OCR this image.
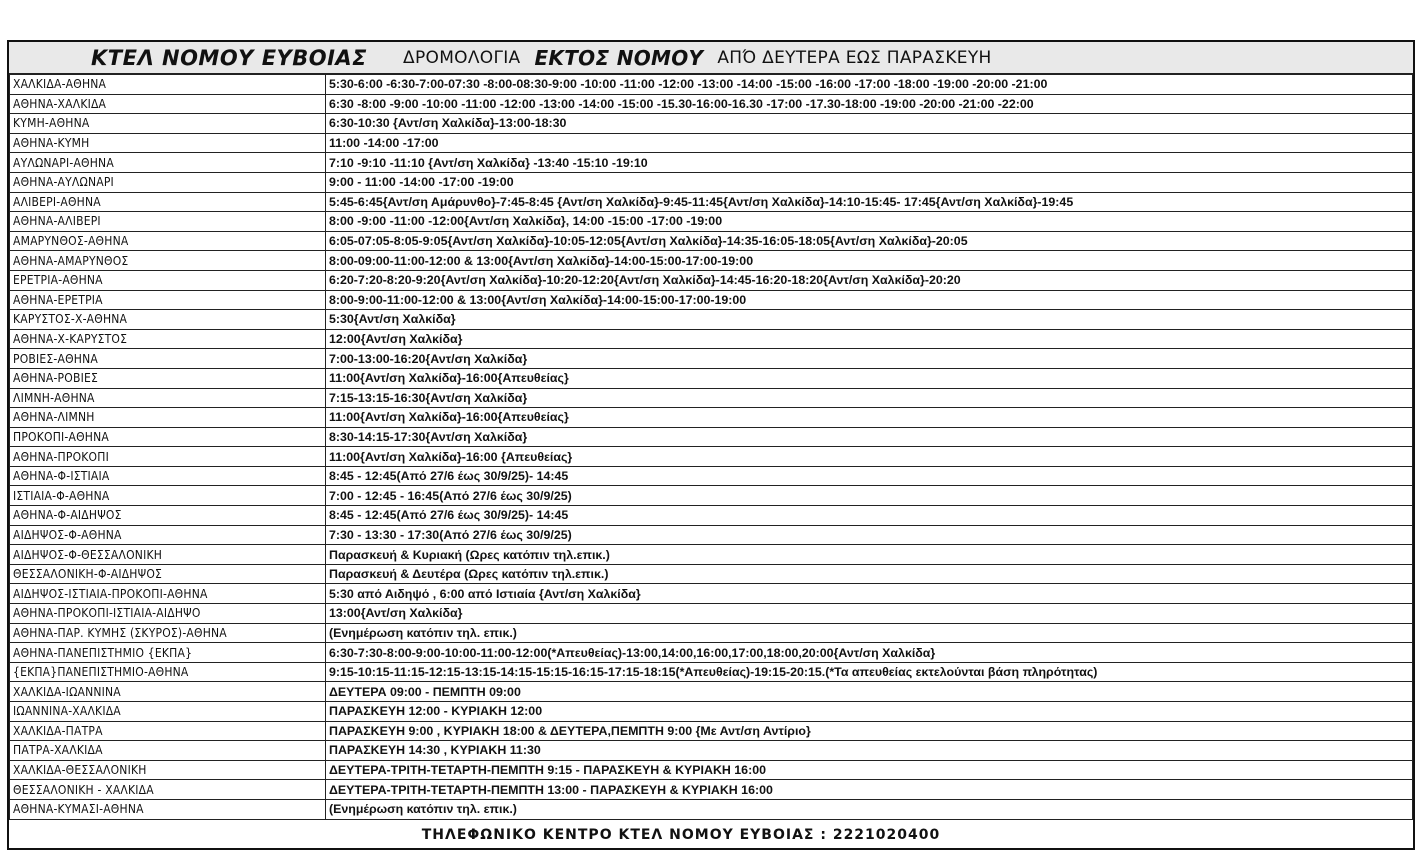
ΚΤΕΛ ΝΟΜΟΥ ΕΥΒΟΙΑΣ ΔΡΟΜΟΛΟΓΙΑ ΕΚΤΟΣ ΝΟΜΟΥ ΑΠΌ ΔΕΥΤΕΡΑ ΕΩΣ ΠΑΡΑΣΚΕΥΗ
ΧΑΛΚΙΔΑ-ΑΘΗΝΑ	5:30-6:00 -6:30-7:00-07:30 -8:00-08:30-9:00 -10:00 -11:00 -12:00 -13:00 -14:00 -15:00 -16:00 -17:00 -18:00 -19:00 -20:00 -21:00
ΑΘΗΝΑ-ΧΑΛΚΙΔΑ	6:30 -8:00 -9:00 -10:00 -11:00 -12:00 -13:00 -14:00 -15:00 -15.30-16:00-16.30 -17:00 -17.30-18:00 -19:00 -20:00 -21:00 -22:00
ΚΥΜΗ-ΑΘΗΝΑ	6:30-10:30 {Αντ/ση Χαλκίδα}-13:00-18:30
ΑΘΗΝΑ-ΚΥΜΗ	11:00 -14:00 -17:00
ΑΥΛΩΝΑΡΙ-ΑΘΗΝΑ	7:10 -9:10 -11:10 {Αντ/ση Χαλκίδα} -13:40 -15:10 -19:10
ΑΘΗΝΑ-ΑΥΛΩΝΑΡΙ	9:00 - 11:00 -14:00 -17:00 -19:00
ΑΛΙΒΕΡΙ-ΑΘΗΝΑ	5:45-6:45{Αντ/ση Αμάρυνθο}-7:45-8:45 {Αντ/ση Χαλκίδα}-9:45-11:45{Αντ/ση Χαλκίδα}-14:10-15:45- 17:45{Αντ/ση Χαλκίδα}-19:45
ΑΘΗΝΑ-ΑΛΙΒΕΡΙ	8:00 -9:00 -11:00 -12:00{Αντ/ση Χαλκίδα}, 14:00 -15:00 -17:00 -19:00
ΑΜΑΡΥΝΘΟΣ-ΑΘΗΝΑ	6:05-07:05-8:05-9:05{Αντ/ση Χαλκίδα}-10:05-12:05{Αντ/ση Χαλκίδα}-14:35-16:05-18:05{Αντ/ση Χαλκίδα}-20:05
ΑΘΗΝΑ-ΑΜΑΡΥΝΘΟΣ	8:00-09:00-11:00-12:00 & 13:00{Αντ/ση Χαλκίδα}-14:00-15:00-17:00-19:00
ΕΡΕΤΡΙΑ-ΑΘΗΝΑ	6:20-7:20-8:20-9:20{Αντ/ση Χαλκίδα}-10:20-12:20{Αντ/ση Χαλκίδα}-14:45-16:20-18:20{Αντ/ση Χαλκίδα}-20:20
ΑΘΗΝΑ-ΕΡΕΤΡΙΑ	8:00-9:00-11:00-12:00 & 13:00{Αντ/ση Χαλκίδα}-14:00-15:00-17:00-19:00
ΚΑΡΥΣΤΟΣ-Χ-ΑΘΗΝΑ	5:30{Αντ/ση Χαλκίδα}
ΑΘΗΝΑ-Χ-ΚΑΡΥΣΤΟΣ	12:00{Αντ/ση Χαλκίδα}
ΡΟΒΙΕΣ-ΑΘΗΝΑ	7:00-13:00-16:20{Αντ/ση Χαλκίδα}
ΑΘΗΝΑ-ΡΟΒΙΕΣ	11:00{Αντ/ση Χαλκίδα}-16:00{Απευθείας}
ΛΙΜΝΗ-ΑΘΗΝΑ	7:15-13:15-16:30{Αντ/ση Χαλκίδα}
ΑΘΗΝΑ-ΛΙΜΝΗ	11:00{Αντ/ση Χαλκίδα}-16:00{Απευθείας}
ΠΡΟΚΟΠΙ-ΑΘΗΝΑ	8:30-14:15-17:30{Αντ/ση Χαλκίδα}
ΑΘΗΝΑ-ΠΡΟΚΟΠΙ	11:00{Αντ/ση Χαλκίδα}-16:00 {Απευθείας}
ΑΘΗΝΑ-Φ-ΙΣΤΙΑΙΑ	8:45 - 12:45(Από 27/6 έως 30/9/25)- 14:45
ΙΣΤΙΑΙΑ-Φ-ΑΘΗΝΑ	7:00 - 12:45 - 16:45(Από 27/6 έως 30/9/25)
ΑΘΗΝΑ-Φ-ΑΙΔΗΨΟΣ	8:45 - 12:45(Από 27/6 έως 30/9/25)- 14:45
ΑΙΔΗΨΟΣ-Φ-ΑΘΗΝΑ	7:30 - 13:30 - 17:30(Από 27/6 έως 30/9/25)
ΑΙΔΗΨΟΣ-Φ-ΘΕΣΣΑΛΟΝΙΚΗ	Παρασκευή & Κυριακή (Ωρες κατόπιν τηλ.επικ.)
ΘΕΣΣΑΛΟΝΙΚΗ-Φ-ΑΙΔΗΨΟΣ	Παρασκευή & Δευτέρα (Ωρες κατόπιν τηλ.επικ.)
ΑΙΔΗΨΟΣ-ΙΣΤΙΑΙΑ-ΠΡΟΚΟΠΙ-ΑΘΗΝΑ	5:30 από Αιδηψό , 6:00 από Ιστιαία {Αντ/ση Χαλκίδα}
ΑΘΗΝΑ-ΠΡΟΚΟΠΙ-ΙΣΤΙΑΙΑ-ΑΙΔΗΨΟ	13:00{Αντ/ση Χαλκίδα}
ΑΘΗΝΑ-ΠΑΡ. ΚΥΜΗΣ (ΣΚΥΡΟΣ)-ΑΘΗΝΑ	(Ενημέρωση κατόπιν τηλ. επικ.)
ΑΘΗΝΑ-ΠΑΝΕΠΙΣΤΗΜΙΟ {ΕΚΠΑ}	6:30-7:30-8:00-9:00-10:00-11:00-12:00(*Απευθείας)-13:00,14:00,16:00,17:00,18:00,20:00{Αντ/ση Χαλκίδα}
{ΕΚΠΑ}ΠΑΝΕΠΙΣΤΗΜΙΟ-ΑΘΗΝΑ	9:15-10:15-11:15-12:15-13:15-14:15-15:15-16:15-17:15-18:15(*Απευθείας)-19:15-20:15.(*Τα απευθείας εκτελούνται βάση πληρότητας)
ΧΑΛΚΙΔΑ-ΙΩΑΝΝΙΝΑ	ΔΕΥΤΕΡΑ 09:00 - ΠΕΜΠΤΗ 09:00
ΙΩΑΝΝΙΝΑ-ΧΑΛΚΙΔΑ	ΠΑΡΑΣΚΕΥΗ 12:00 - ΚΥΡΙΑΚΗ 12:00
ΧΑΛΚΙΔΑ-ΠΑΤΡΑ	ΠΑΡΑΣΚΕΥΗ 9:00 , ΚΥΡΙΑΚΗ 18:00 & ΔΕΥΤΕΡΑ,ΠΕΜΠΤΗ 9:00 {Με Αντ/ση Αντίριο}
ΠΑΤΡΑ-ΧΑΛΚΙΔΑ	ΠΑΡΑΣΚΕΥΗ 14:30 , ΚΥΡΙΑΚΗ 11:30
ΧΑΛΚΙΔΑ-ΘΕΣΣΑΛΟΝΙΚΗ	ΔΕΥΤΕΡΑ-ΤΡΙΤΗ-ΤΕΤΑΡΤΗ-ΠΕΜΠΤΗ 9:15 - ΠΑΡΑΣΚΕΥΗ & ΚΥΡΙΑΚΗ 16:00
ΘΕΣΣΑΛΟΝΙΚΗ - ΧΑΛΚΙΔΑ	ΔΕΥΤΕΡΑ-ΤΡΙΤΗ-ΤΕΤΑΡΤΗ-ΠΕΜΠΤΗ 13:00 - ΠΑΡΑΣΚΕΥΗ & ΚΥΡΙΑΚΗ 16:00
ΑΘΗΝΑ-ΚΥΜΑΣΙ-ΑΘΗΝΑ	(Ενημέρωση κατόπιν τηλ. επικ.)
ΤΗΛΕΦΩΝΙΚΟ ΚΕΝΤΡΟ ΚΤΕΛ ΝΟΜΟΥ ΕΥΒΟΙΑΣ : 2221020400
